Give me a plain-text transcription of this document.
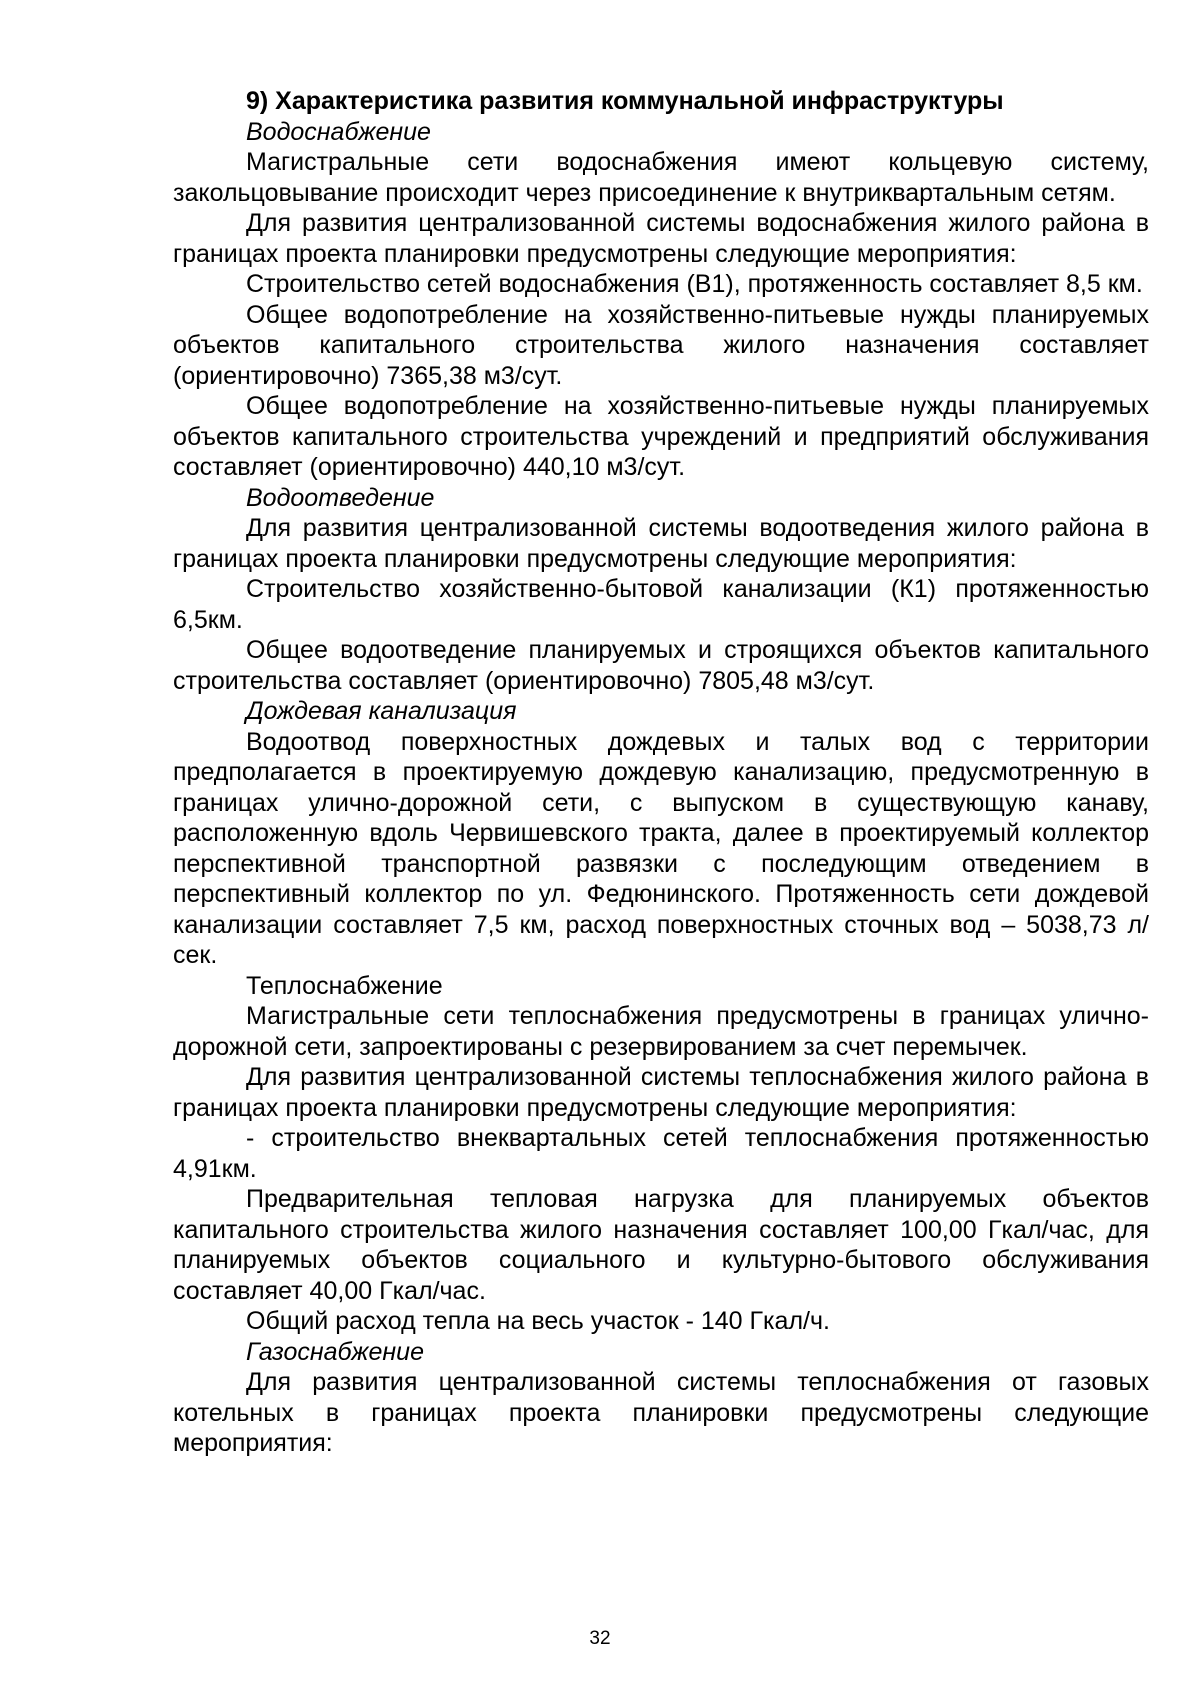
9) Характеристика развития коммунальной инфраструктуры

Водоснабжение

Магистральные сети водоснабжения имеют кольцевую систему, закольцовывание происходит через присоединение к внутриквартальным сетям.

Для развития централизованной системы водоснабжения жилого района в границах проекта планировки предусмотрены следующие мероприятия:

Строительство сетей водоснабжения (В1), протяженность составляет 8,5 км.

Общее водопотребление на хозяйственно-питьевые нужды планируемых объектов капитального строительства жилого назначения составляет (ориентировочно) 7365,38 м3/сут.

Общее водопотребление на хозяйственно-питьевые нужды планируемых объектов капитального строительства учреждений и предприятий обслуживания составляет (ориентировочно) 440,10 м3/сут.

Водоотведение

Для развития централизованной системы водоотведения жилого района в границах проекта планировки предусмотрены следующие мероприятия:

Строительство хозяйственно-бытовой канализации (К1) протяженностью 6,5км.

Общее водоотведение планируемых и строящихся объектов капитального строительства составляет (ориентировочно) 7805,48 м3/сут.

Дождевая канализация

Водоотвод поверхностных дождевых и талых вод с территории предполагается в проектируемую дождевую канализацию, предусмотренную в границах улично-дорожной сети, с выпуском в существующую канаву, расположенную вдоль Червишевского тракта, далее в проектируемый коллектор перспективной транспортной развязки с последующим отведением в перспективный коллектор по ул. Федюнинского. Протяженность сети дождевой канализации составляет 7,5 км, расход поверхностных сточных вод – 5038,73 л/сек.

Теплоснабжение

Магистральные сети теплоснабжения предусмотрены в границах улично-дорожной сети, запроектированы с резервированием за счет перемычек.

Для развития централизованной системы теплоснабжения жилого района в границах проекта планировки предусмотрены следующие мероприятия:

- строительство внеквартальных сетей теплоснабжения протяженностью 4,91км.

Предварительная тепловая нагрузка для планируемых объектов капитального строительства жилого назначения составляет 100,00 Гкал/час, для планируемых объектов социального и культурно-бытового обслуживания составляет 40,00 Гкал/час.

Общий расход тепла на весь участок - 140 Гкал/ч.

Газоснабжение

Для развития централизованной системы теплоснабжения от газовых котельных в границах проекта планировки предусмотрены следующие мероприятия:

32
